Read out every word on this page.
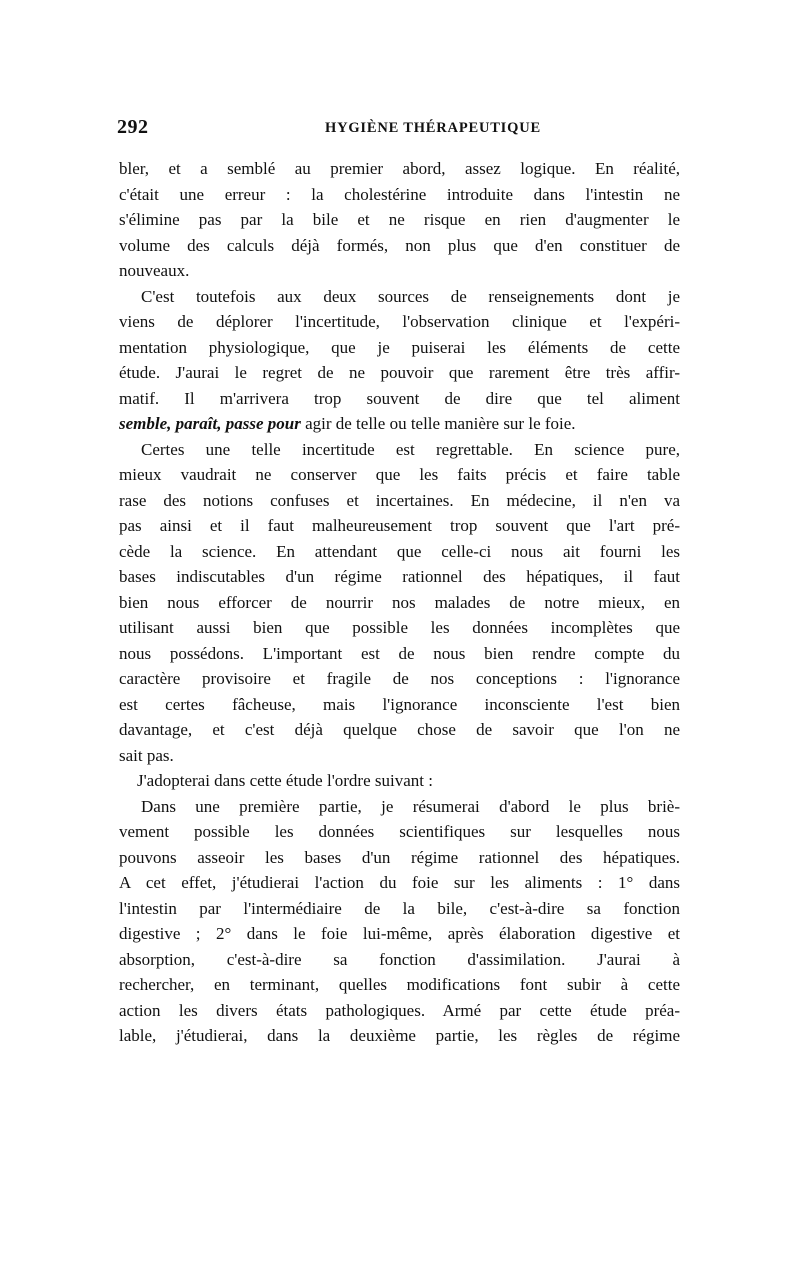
292	HYGIÈNE THÉRAPEUTIQUE
bler, et a semblé au premier abord, assez logique. En réalité,
c'était une erreur : la cholestérine introduite dans l'intestin ne
s'élimine pas par la bile et ne risque en rien d'augmenter le
volume des calculs déjà formés, non plus que d'en constituer de
nouveaux.
C'est toutefois aux deux sources de renseignements dont je
viens de déplorer l'incertitude, l'observation clinique et l'expéri-
mentation physiologique, que je puiserai les éléments de cette
étude. J'aurai le regret de ne pouvoir que rarement être très affir-
matif. Il m'arrivera trop souvent de dire que tel aliment
semble, paraît, passe pour agir de telle ou telle manière sur le foie.
Certes une telle incertitude est regrettable. En science pure,
mieux vaudrait ne conserver que les faits précis et faire table
rase des notions confuses et incertaines. En médecine, il n'en va
pas ainsi et il faut malheureusement trop souvent que l'art pré-
cède la science. En attendant que celle-ci nous ait fourni les
bases indiscutables d'un régime rationnel des hépatiques, il faut
bien nous efforcer de nourrir nos malades de notre mieux, en
utilisant aussi bien que possible les données incomplètes que
nous possédons. L'important est de nous bien rendre compte du
caractère provisoire et fragile de nos conceptions : l'ignorance
est certes fâcheuse, mais l'ignorance inconsciente l'est bien
davantage, et c'est déjà quelque chose de savoir que l'on ne
sait pas.
J'adopterai dans cette étude l'ordre suivant :
Dans une première partie, je résumerai d'abord le plus briè-
vement possible les données scientifiques sur lesquelles nous
pouvons asseoir les bases d'un régime rationnel des hépatiques.
A cet effet, j'étudierai l'action du foie sur les aliments : 1° dans
l'intestin par l'intermédiaire de la bile, c'est-à-dire sa fonction
digestive ; 2° dans le foie lui-même, après élaboration digestive et
absorption, c'est-à-dire sa fonction d'assimilation. J'aurai à
rechercher, en terminant, quelles modifications font subir à cette
action les divers états pathologiques. Armé par cette étude préa-
lable, j'étudierai, dans la deuxième partie, les règles de régime
